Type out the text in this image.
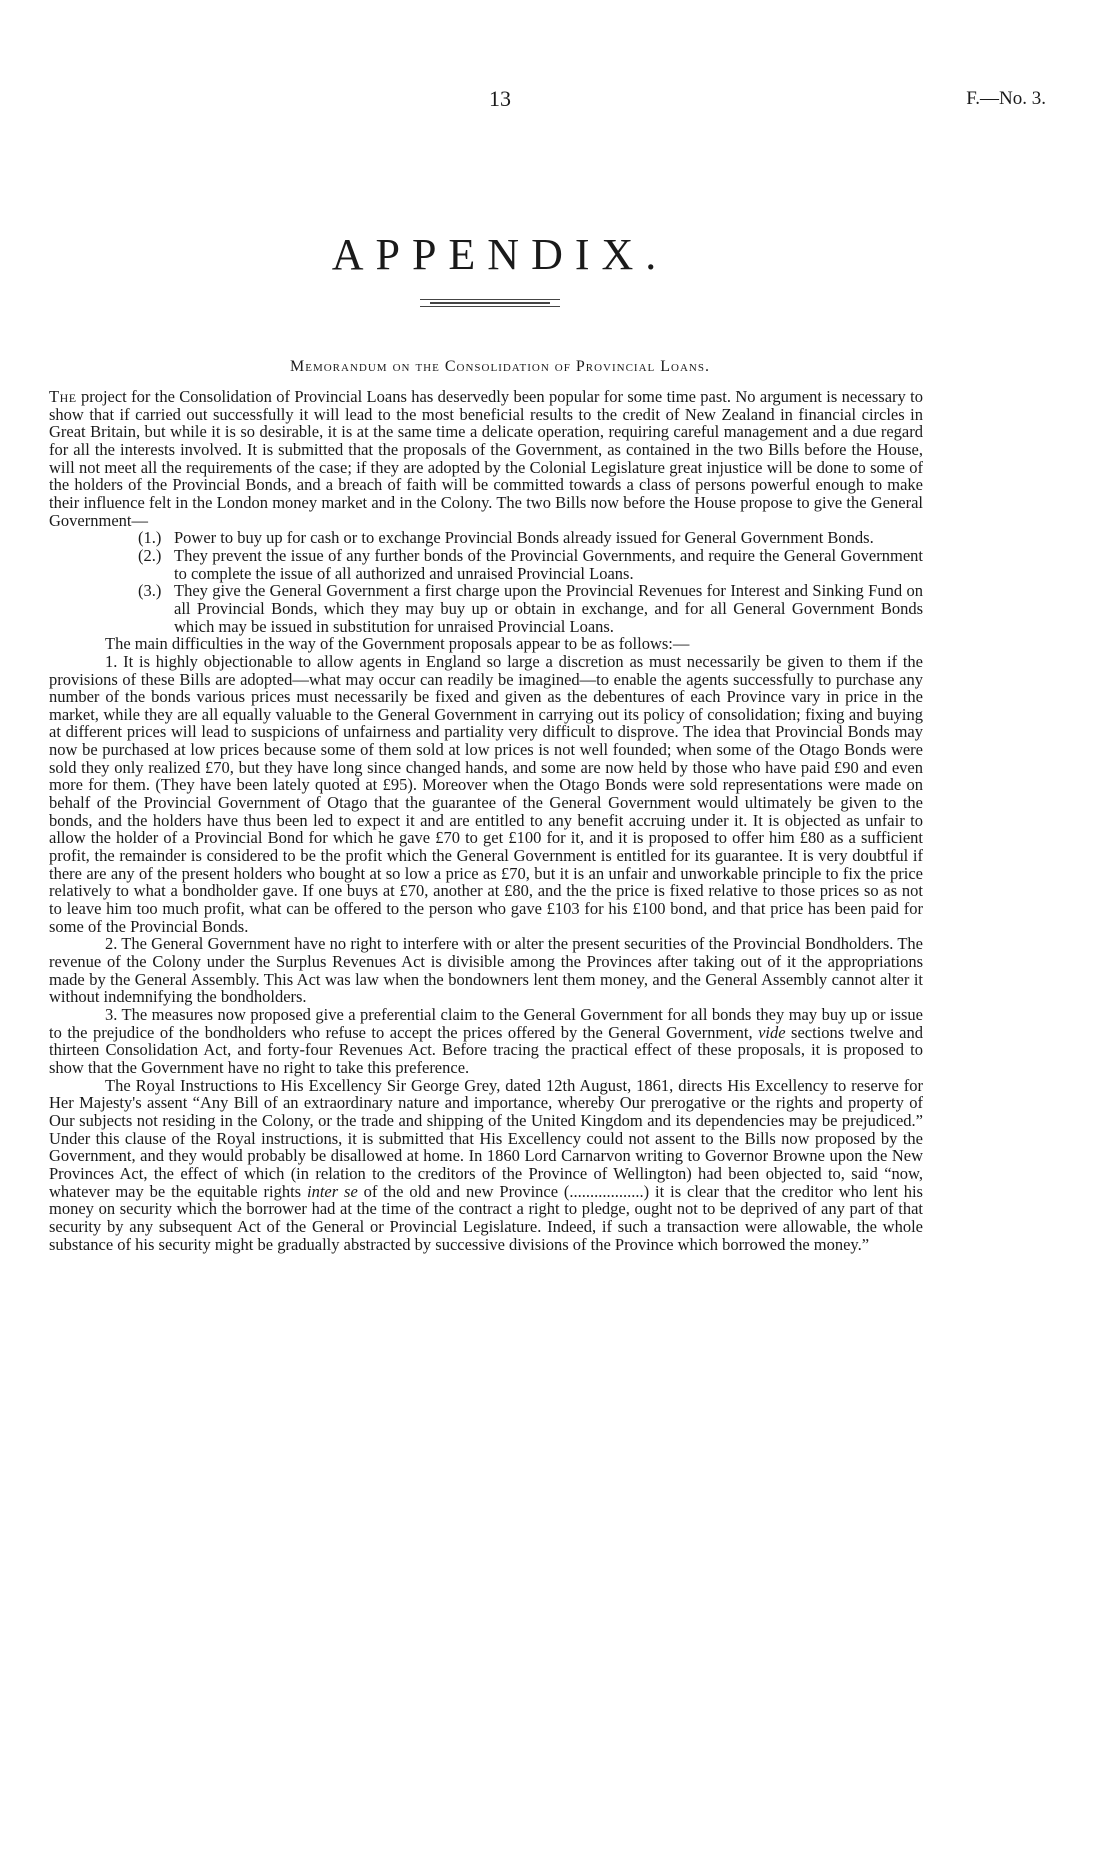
13	F.—No. 3.
APPENDIX.
Memorandum on the Consolidation of Provincial Loans.

The project for the Consolidation of Provincial Loans has deservedly been popular for some time past. No argument is necessary to show that if carried out successfully it will lead to the most beneficial results to the credit of New Zealand in financial circles in Great Britain, but while it is so desirable, it is at the same time a delicate operation, requiring careful management and a due regard for all the interests involved. It is submitted that the proposals of the Government, as contained in the two Bills before the House, will not meet all the requirements of the case; if they are adopted by the Colonial Legislature great injustice will be done to some of the holders of the Provincial Bonds, and a breach of faith will be committed towards a class of persons powerful enough to make their influence felt in the London money market and in the Colony. The two Bills now before the House propose to give the General Government—

(1.) Power to buy up for cash or to exchange Provincial Bonds already issued for General Government Bonds.
(2.) They prevent the issue of any further bonds of the Provincial Governments, and require the General Government to complete the issue of all authorized and unraised Provincial Loans.
(3.) They give the General Government a first charge upon the Provincial Revenues for Interest and Sinking Fund on all Provincial Bonds, which they may buy up or obtain in exchange, and for all General Government Bonds which may be issued in substitution for unraised Provincial Loans.

The main difficulties in the way of the Government proposals appear to be as follows:—

1. It is highly objectionable to allow agents in England so large a discretion as must necessarily be given to them if the provisions of these Bills are adopted—what may occur can readily be imagined—to enable the agents successfully to purchase any number of the bonds various prices must necessarily be fixed and given as the debentures of each Province vary in price in the market, while they are all equally valuable to the General Government in carrying out its policy of consolidation; fixing and buying at different prices will lead to suspicions of unfairness and partiality very difficult to disprove. The idea that Provincial Bonds may now be purchased at low prices because some of them sold at low prices is not well founded; when some of the Otago Bonds were sold they only realized £70, but they have long since changed hands, and some are now held by those who have paid £90 and even more for them. (They have been lately quoted at £95). Moreover when the Otago Bonds were sold representations were made on behalf of the Provincial Government of Otago that the guarantee of the General Government would ultimately be given to the bonds, and the holders have thus been led to expect it and are entitled to any benefit accruing under it. It is objected as unfair to allow the holder of a Provincial Bond for which he gave £70 to get £100 for it, and it is proposed to offer him £80 as a sufficient profit, the remainder is considered to be the profit which the General Government is entitled for its guarantee. It is very doubtful if there are any of the present holders who bought at so low a price as £70, but it is an unfair and unworkable principle to fix the price relatively to what a bondholder gave. If one buys at £70, another at £80, and the the price is fixed relative to those prices so as not to leave him too much profit, what can be offered to the person who gave £103 for his £100 bond, and that price has been paid for some of the Provincial Bonds.

2. The General Government have no right to interfere with or alter the present securities of the Provincial Bondholders. The revenue of the Colony under the Surplus Revenues Act is divisible among the Provinces after taking out of it the appropriations made by the General Assembly. This Act was law when the bondowners lent them money, and the General Assembly cannot alter it without indemnifying the bondholders.

3. The measures now proposed give a preferential claim to the General Government for all bonds they may buy up or issue to the prejudice of the bondholders who refuse to accept the prices offered by the General Government, vide sections twelve and thirteen Consolidation Act, and forty-four Revenues Act. Before tracing the practical effect of these proposals, it is proposed to show that the Government have no right to take this preference.

The Royal Instructions to His Excellency Sir George Grey, dated 12th August, 1861, directs His Excellency to reserve for Her Majesty's assent “Any Bill of an extraordinary nature and importance, whereby Our prerogative or the rights and property of Our subjects not residing in the Colony, or the trade and shipping of the United Kingdom and its dependencies may be prejudiced.” Under this clause of the Royal instructions, it is submitted that His Excellency could not assent to the Bills now proposed by the Government, and they would probably be disallowed at home. In 1860 Lord Carnarvon writing to Governor Browne upon the New Provinces Act, the effect of which (in relation to the creditors of the Province of Wellington) had been objected to, said “now, whatever may be the equitable rights inter se of the old and new Province (..................) it is clear that the creditor who lent his money on security which the borrower had at the time of the contract a right to pledge, ought not to be deprived of any part of that security by any subsequent Act of the General or Provincial Legislature. Indeed, if such a transaction were allowable, the whole substance of his security might be gradually abstracted by successive divisions of the Province which borrowed the money.”
